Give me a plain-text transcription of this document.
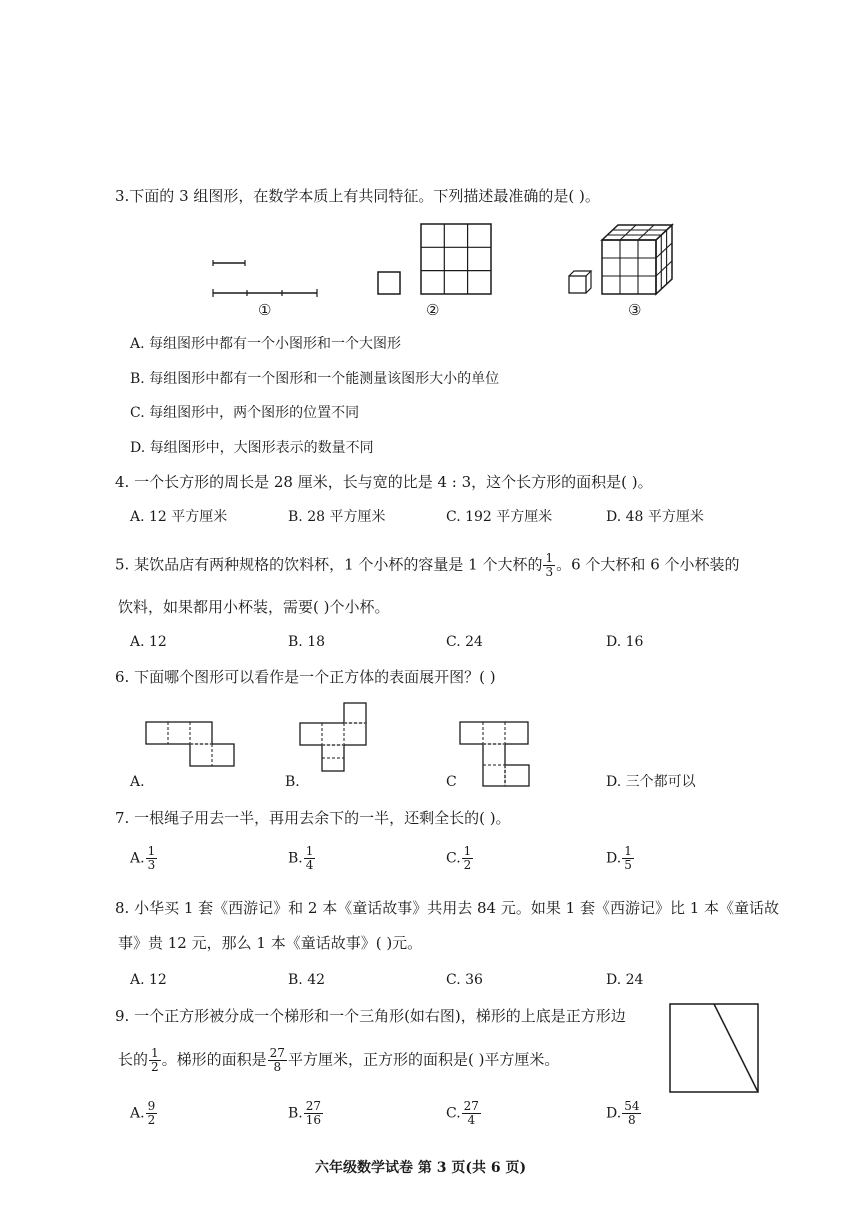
3.下面的 3 组图形，在数学本质上有共同特征。下列描述最准确的是( )。
①	②	③
A. 每组图形中都有一个小图形和一个大图形
B. 每组图形中都有一个图形和一个能测量该图形大小的单位
C. 每组图形中，两个图形的位置不同
D. 每组图形中，大图形表示的数量不同
4. 一个长方形的周长是 28 厘米，长与宽的比是 4 : 3，这个长方形的面积是( )。
A. 12 平方厘米	B. 28 平方厘米	C. 192 平方厘米	D. 48 平方厘米
5. 某饮品店有两种规格的饮料杯，1 个小杯的容量是 1 个大杯的 $\frac{1}{3}$ 。6 个大杯和 6 个小杯装的
饮料，如果都用小杯装，需要( )个小杯。
A. 12	B. 18	C. 24	D. 16
6. 下面哪个图形可以看作是一个正方体的表面展开图？( )
A.	B.	C	D. 三个都可以
7. 一根绳子用去一半，再用去余下的一半，还剩全长的( )。
A. $\frac{1}{3}$	B. $\frac{1}{4}$	C. $\frac{1}{2}$	D. $\frac{1}{5}$
8. 小华买 1 套《西游记》和 2 本《童话故事》共用去 84 元。如果 1 套《西游记》比 1 本《童话故
事》贵 12 元，那么 1 本《童话故事》( )元。
A. 12	B. 42	C. 36	D. 24
9. 一个正方形被分成一个梯形和一个三角形(如右图)，梯形的上底是正方形边
长的 $\frac{1}{2}$ 。梯形的面积是 $\frac{27}{8}$ 平方厘米，正方形的面积是( )平方厘米。
A. $\frac{9}{2}$	B. $\frac{27}{16}$	C. $\frac{27}{4}$	D. $\frac{54}{8}$
六年级数学试卷 第 3 页(共 6 页)
